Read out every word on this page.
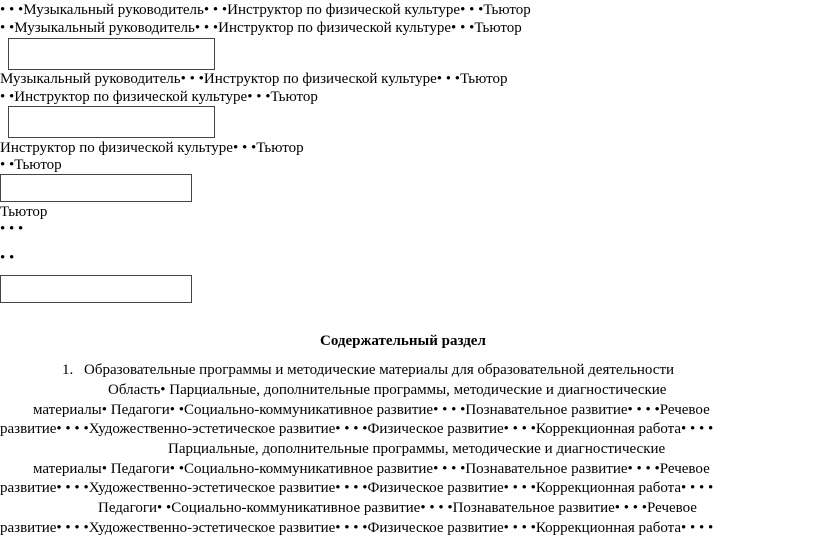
• • •Музыкальный руководитель• • •Инструктор по физической культуре• • •Тьютор
• •Музыкальный руководитель• • •Инструктор по физической культуре• • •Тьютор
Музыкальный руководитель• • •Инструктор по физической культуре• • •Тьютор
• •Инструктор по физической культуре• • •Тьютор
Инструктор по физической культуре• • •Тьютор
• •Тьютор
Тьютор
• • •
• •
Содержательный раздел
1. Образовательные программы и методические материалы для образовательной деятельности
Область• Парциальные, дополнительные программы, методические и диагностические
материалы• Педагоги• •Социально-коммуникативное развитие• • • •Познавательное развитие• • • •Речевое
развитие• • • •Художественно-эстетическое развитие• • • •Физическое развитие• • • •Коррекционная работа• • • •
Парциальные, дополнительные программы, методические и диагностические
материалы• Педагоги• •Социально-коммуникативное развитие• • • •Познавательное развитие• • • •Речевое
развитие• • • •Художественно-эстетическое развитие• • • •Физическое развитие• • • •Коррекционная работа• • • •
Педагоги• •Социально-коммуникативное развитие• • • •Познавательное развитие• • • •Речевое
развитие• • • •Художественно-эстетическое развитие• • • •Физическое развитие• • • •Коррекционная работа• • • •
